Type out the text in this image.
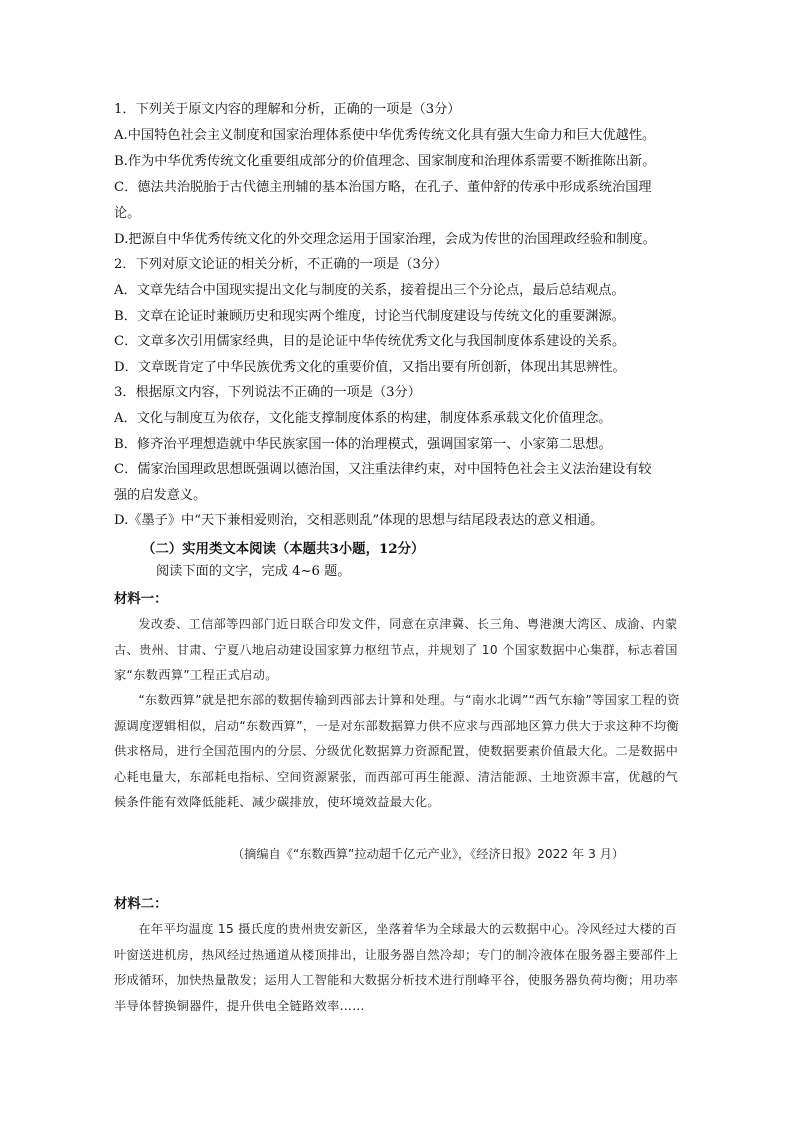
1．下列关于原文内容的理解和分析，正确的一项是（3分）
A.中国特色社会主义制度和国家治理体系使中华优秀传统文化具有强大生命力和巨大优越性。
B.作为中华优秀传统文化重要组成部分的价值理念、国家制度和治理体系需要不断推陈出新。
C．德法共治脱胎于古代德主刑辅的基本治国方略，在孔子、董仲舒的传承中形成系统治国理
论。
D.把源自中华优秀传统文化的外交理念运用于国家治理，会成为传世的治国理政经验和制度。
2．下列对原文论证的相关分析，不正确的一项是（3分）
A．文章先结合中国现实提出文化与制度的关系，接着提出三个分论点，最后总结观点。
B．文章在论证时兼顾历史和现实两个维度，讨论当代制度建设与传统文化的重要渊源。
C．文章多次引用儒家经典，目的是论证中华传统优秀文化与我国制度体系建设的关系。
D．文章既肯定了中华民族优秀文化的重要价值，又指出要有所创新，体现出其思辨性。
3．根据原文内容，下列说法不正确的一项是（3分）
A．文化与制度互为依存，文化能支撑制度体系的构建，制度体系承载文化价值理念。
B．修齐治平理想造就中华民族家国一体的治理模式，强调国家第一、小家第二思想。
C．儒家治国理政思想既强调以德治国，又注重法律约束，对中国特色社会主义法治建设有较
强的启发意义。
D.《墨子》中“天下兼相爱则治，交相恶则乱”体现的思想与结尾段表达的意义相通。
（二）实用类文本阅读（本题共3小题，12分）
阅读下面的文字，完成 4~6 题。
材料一：
发改委、工信部等四部门近日联合印发文件，同意在京津冀、长三角、粤港澳大湾区、成渝、内蒙古、贵州、甘肃、宁夏八地启动建设国家算力枢纽节点，并规划了 10 个国家数据中心集群，标志着国家“东数西算”工程正式启动。
“东数西算”就是把东部的数据传输到西部去计算和处理。与“南水北调”“西气东输”等国家工程的资源调度逻辑相似，启动“东数西算”，一是对东部数据算力供不应求与西部地区算力供大于求这种不均衡供求格局，进行全国范围内的分层、分级优化数据算力资源配置，使数据要素价值最大化。二是数据中心耗电量大，东部耗电指标、空间资源紧张，而西部可再生能源、清洁能源、土地资源丰富，优越的气候条件能有效降低能耗、减少碳排放，使环境效益最大化。
（摘编自《“东数西算”拉动超千亿元产业》，《经济日报》2022 年 3 月）
材料二：
在年平均温度 15 摄氏度的贵州贵安新区，坐落着华为全球最大的云数据中心。冷风经过大楼的百叶窗送进机房，热风经过热通道从楼顶排出，让服务器自然冷却；专门的制冷液体在服务器主要部件上形成循环，加快热量散发；运用人工智能和大数据分析技术进行削峰平谷，使服务器负荷均衡；用功率半导体替换铜器件，提升供电全链路效率……
